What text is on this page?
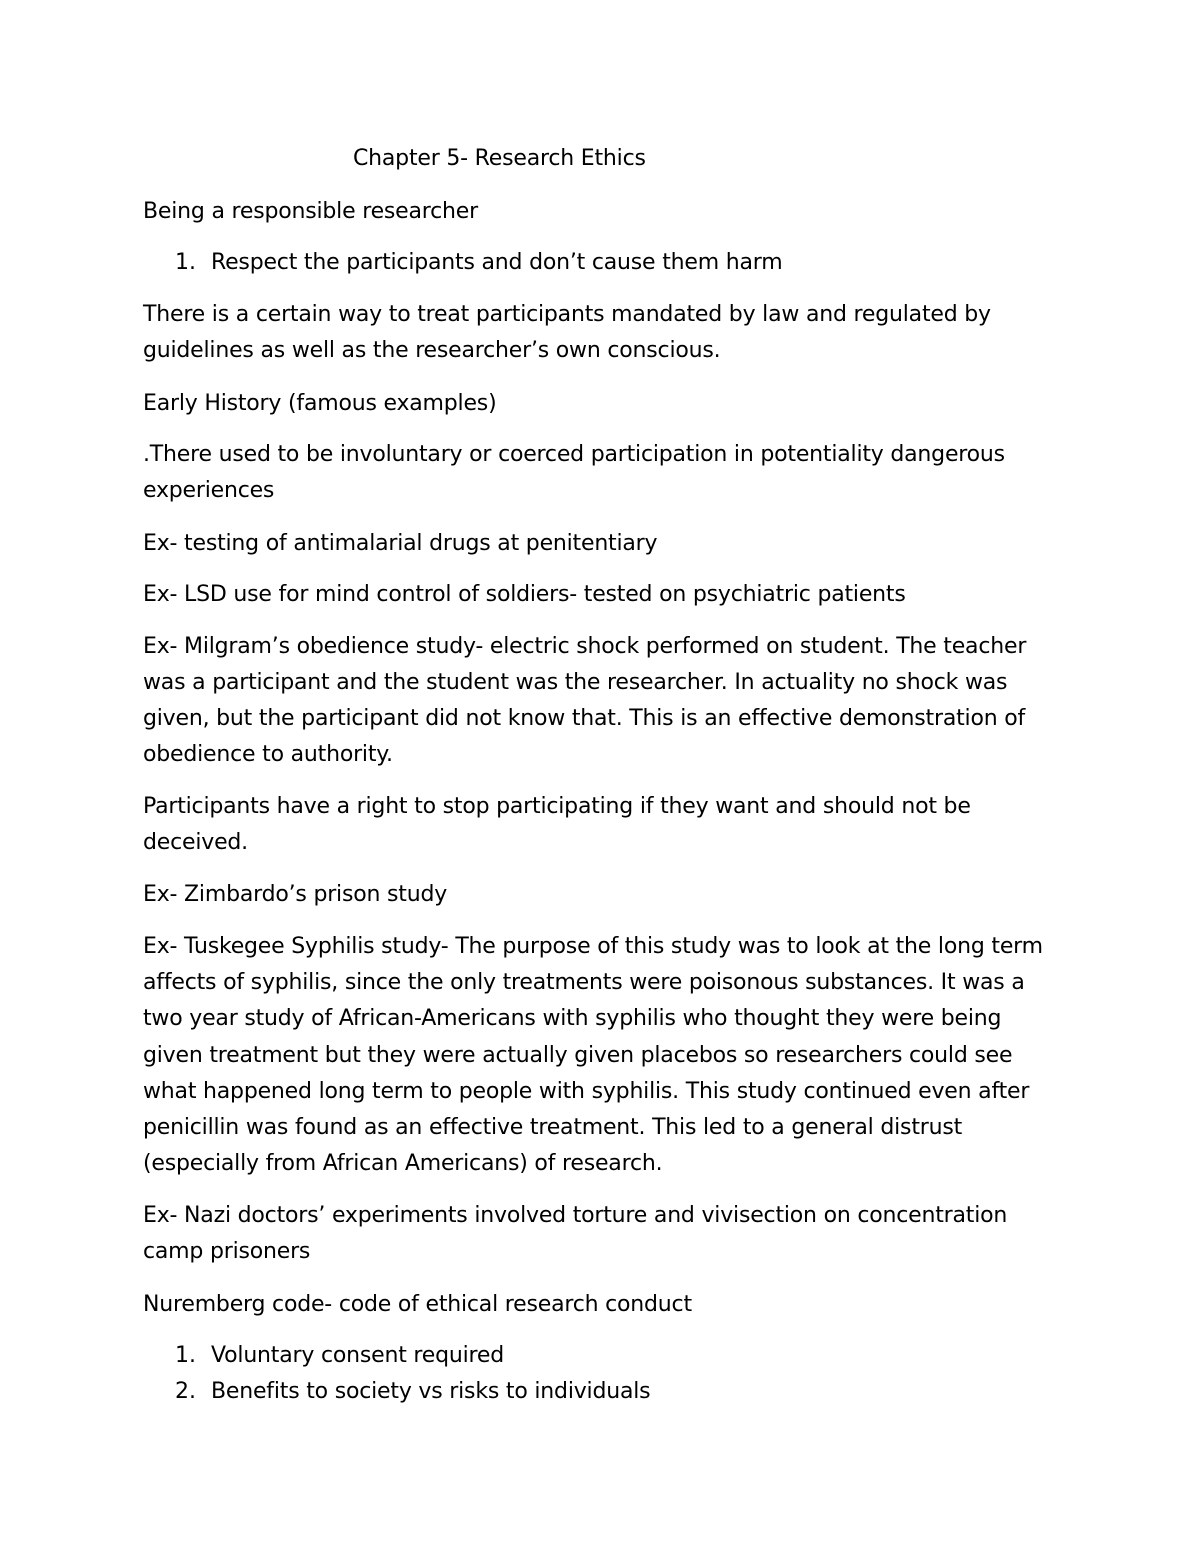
Chapter 5- Research Ethics
Being a responsible researcher
1. Respect the participants and don’t cause them harm
There is a certain way to treat participants mandated by law and regulated by
guidelines as well as the researcher’s own conscious.
Early History (famous examples)
.There used to be involuntary or coerced participation in potentiality dangerous
experiences
Ex- testing of antimalarial drugs at penitentiary
Ex- LSD use for mind control of soldiers- tested on psychiatric patients
Ex- Milgram’s obedience study- electric shock performed on student. The teacher
was a participant and the student was the researcher. In actuality no shock was
given, but the participant did not know that. This is an effective demonstration of
obedience to authority.
Participants have a right to stop participating if they want and should not be
deceived.
Ex- Zimbardo’s prison study
Ex- Tuskegee Syphilis study- The purpose of this study was to look at the long term
affects of syphilis, since the only treatments were poisonous substances. It was a
two year study of African-Americans with syphilis who thought they were being
given treatment but they were actually given placebos so researchers could see
what happened long term to people with syphilis. This study continued even after
penicillin was found as an effective treatment. This led to a general distrust
(especially from African Americans) of research.
Ex- Nazi doctors’ experiments involved torture and vivisection on concentration
camp prisoners
Nuremberg code- code of ethical research conduct
1. Voluntary consent required
2. Benefits to society vs risks to individuals
